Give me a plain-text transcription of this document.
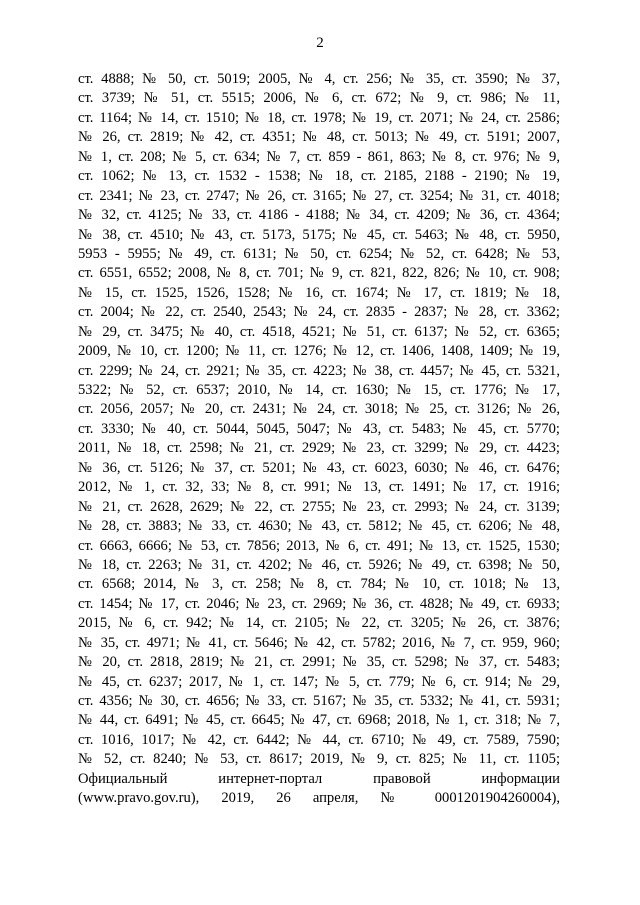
2
ст. 4888; № 50, ст. 5019; 2005, № 4, ст. 256; № 35, ст. 3590; № 37,
ст. 3739; № 51, ст. 5515; 2006, № 6, ст. 672; № 9, ст. 986; № 11,
ст. 1164; № 14, ст. 1510; № 18, ст. 1978; № 19, ст. 2071; № 24, ст. 2586;
№ 26, ст. 2819; № 42, ст. 4351; № 48, ст. 5013; № 49, ст. 5191; 2007,
№ 1, ст. 208; № 5, ст. 634; № 7, ст. 859 - 861, 863; № 8, ст. 976; № 9,
ст. 1062; № 13, ст. 1532 - 1538; № 18, ст. 2185, 2188 - 2190; № 19,
ст. 2341; № 23, ст. 2747; № 26, ст. 3165; № 27, ст. 3254; № 31, ст. 4018;
№ 32, ст. 4125; № 33, ст. 4186 - 4188; № 34, ст. 4209; № 36, ст. 4364;
№ 38, ст. 4510; № 43, ст. 5173, 5175; № 45, ст. 5463; № 48, ст. 5950,
5953 - 5955; № 49, ст. 6131; № 50, ст. 6254; № 52, ст. 6428; № 53,
ст. 6551, 6552; 2008, № 8, ст. 701; № 9, ст. 821, 822, 826; № 10, ст. 908;
№ 15, ст. 1525, 1526, 1528; № 16, ст. 1674; № 17, ст. 1819; № 18,
ст. 2004; № 22, ст. 2540, 2543; № 24, ст. 2835 - 2837; № 28, ст. 3362;
№ 29, ст. 3475; № 40, ст. 4518, 4521; № 51, ст. 6137; № 52, ст. 6365;
2009, № 10, ст. 1200; № 11, ст. 1276; № 12, ст. 1406, 1408, 1409; № 19,
ст. 2299; № 24, ст. 2921; № 35, ст. 4223; № 38, ст. 4457; № 45, ст. 5321,
5322; № 52, ст. 6537; 2010, № 14, ст. 1630; № 15, ст. 1776; № 17,
ст. 2056, 2057; № 20, ст. 2431; № 24, ст. 3018; № 25, ст. 3126; № 26,
ст. 3330; № 40, ст. 5044, 5045, 5047; № 43, ст. 5483; № 45, ст. 5770;
2011, № 18, ст. 2598; № 21, ст. 2929; № 23, ст. 3299; № 29, ст. 4423;
№ 36, ст. 5126; № 37, ст. 5201; № 43, ст. 6023, 6030; № 46, ст. 6476;
2012, № 1, ст. 32, 33; № 8, ст. 991; № 13, ст. 1491; № 17, ст. 1916;
№ 21, ст. 2628, 2629; № 22, ст. 2755; № 23, ст. 2993; № 24, ст. 3139;
№ 28, ст. 3883; № 33, ст. 4630; № 43, ст. 5812; № 45, ст. 6206; № 48,
ст. 6663, 6666; № 53, ст. 7856; 2013, № 6, ст. 491; № 13, ст. 1525, 1530;
№ 18, ст. 2263; № 31, ст. 4202; № 46, ст. 5926; № 49, ст. 6398; № 50,
ст. 6568; 2014, № 3, ст. 258; № 8, ст. 784; № 10, ст. 1018; № 13,
ст. 1454; № 17, ст. 2046; № 23, ст. 2969; № 36, ст. 4828; № 49, ст. 6933;
2015, № 6, ст. 942; № 14, ст. 2105; № 22, ст. 3205; № 26, ст. 3876;
№ 35, ст. 4971; № 41, ст. 5646; № 42, ст. 5782; 2016, № 7, ст. 959, 960;
№ 20, ст. 2818, 2819; № 21, ст. 2991; № 35, ст. 5298; № 37, ст. 5483;
№ 45, ст. 6237; 2017, № 1, ст. 147; № 5, ст. 779; № 6, ст. 914; № 29,
ст. 4356; № 30, ст. 4656; № 33, ст. 5167; № 35, ст. 5332; № 41, ст. 5931;
№ 44, ст. 6491; № 45, ст. 6645; № 47, ст. 6968; 2018, № 1, ст. 318; № 7,
ст. 1016, 1017; № 42, ст. 6442; № 44, ст. 6710; № 49, ст. 7589, 7590;
№ 52, ст. 8240; № 53, ст. 8617; 2019, № 9, ст. 825; № 11, ст. 1105;
Официальный интернет-портал правовой информации
(www.pravo.gov.ru), 2019, 26 апреля, № 0001201904260004),
